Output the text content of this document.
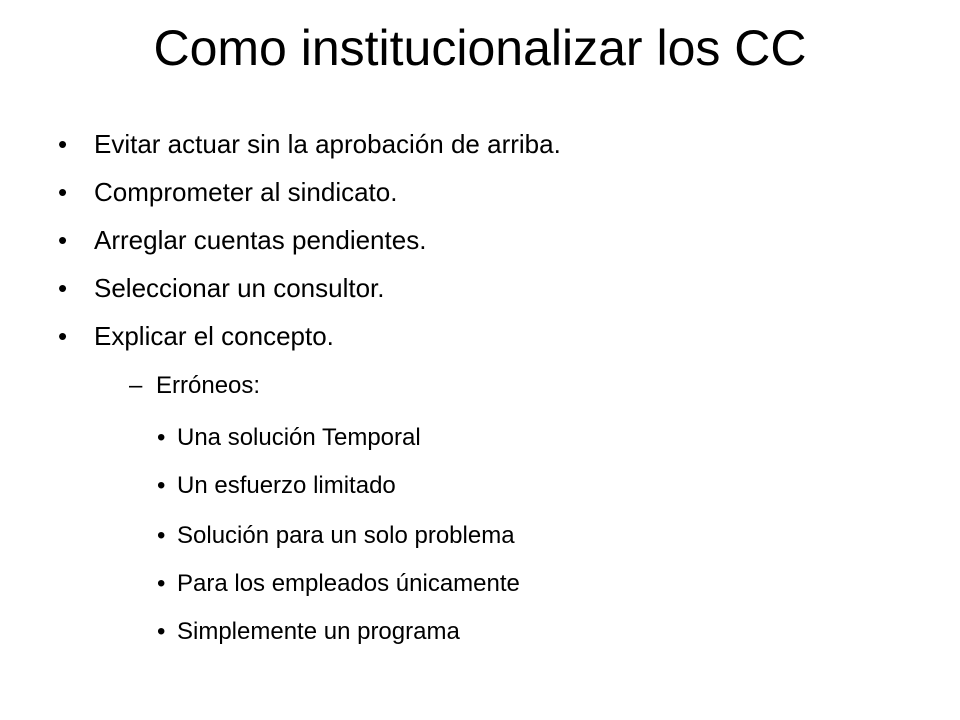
Como institucionalizar los CC
• Evitar actuar sin la aprobación de arriba.
• Comprometer al sindicato.
• Arreglar cuentas pendientes.
• Seleccionar un consultor.
• Explicar el concepto.
– Erróneos:
• Una solución Temporal
• Un esfuerzo limitado
• Solución para un solo problema
• Para los empleados únicamente
• Simplemente un programa
